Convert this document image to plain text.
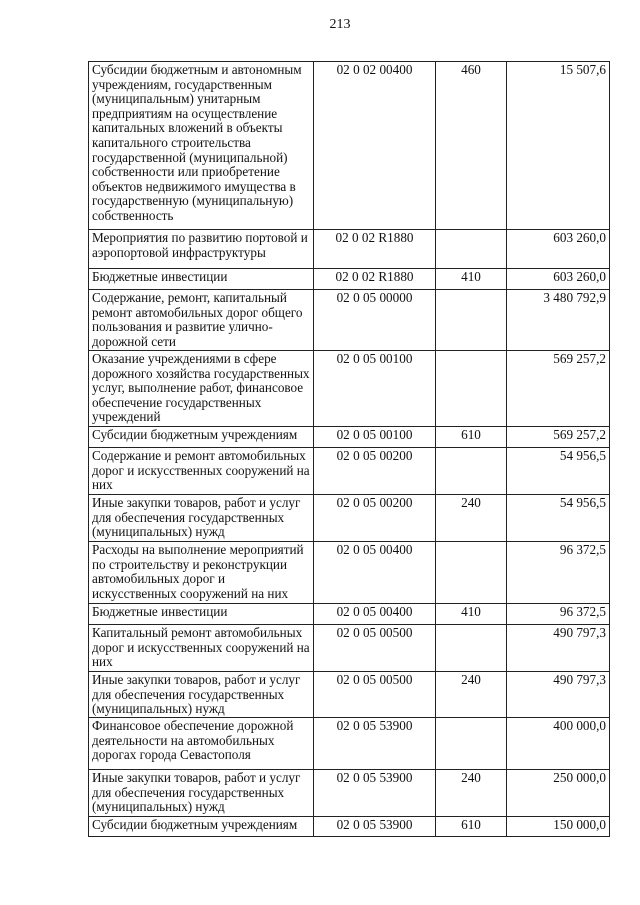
213
Субсидии бюджетным и автономным учреждениям, государственным (муниципальным) унитарным предприятиям на осуществление капитальных вложений в объекты капитального строительства государственной (муниципальной) собственности или приобретение объектов недвижимого имущества в государственную (муниципальную) собственность	02 0 02 00400	460	15 507,6
Мероприятия по развитию портовой и аэропортовой инфраструктуры	02 0 02 R1880		603 260,0
Бюджетные инвестиции	02 0 02 R1880	410	603 260,0
Содержание, ремонт, капитальный ремонт автомобильных дорог общего пользования и развитие улично-дорожной сети	02 0 05 00000		3 480 792,9
Оказание учреждениями в сфере дорожного хозяйства государственных услуг, выполнение работ, финансовое обеспечение государственных учреждений	02 0 05 00100		569 257,2
Субсидии бюджетным учреждениям	02 0 05 00100	610	569 257,2
Содержание и ремонт автомобильных дорог и искусственных сооружений на них	02 0 05 00200		54 956,5
Иные закупки товаров, работ и услуг для обеспечения государственных (муниципальных) нужд	02 0 05 00200	240	54 956,5
Расходы на выполнение мероприятий по строительству и реконструкции автомобильных дорог и искусственных сооружений на них	02 0 05 00400		96 372,5
Бюджетные инвестиции	02 0 05 00400	410	96 372,5
Капитальный ремонт автомобильных дорог и искусственных сооружений на них	02 0 05 00500		490 797,3
Иные закупки товаров, работ и услуг для обеспечения государственных (муниципальных) нужд	02 0 05 00500	240	490 797,3
Финансовое обеспечение дорожной деятельности на автомобильных дорогах города Севастополя	02 0 05 53900		400 000,0
Иные закупки товаров, работ и услуг для обеспечения государственных (муниципальных) нужд	02 0 05 53900	240	250 000,0
Субсидии бюджетным учреждениям	02 0 05 53900	610	150 000,0
